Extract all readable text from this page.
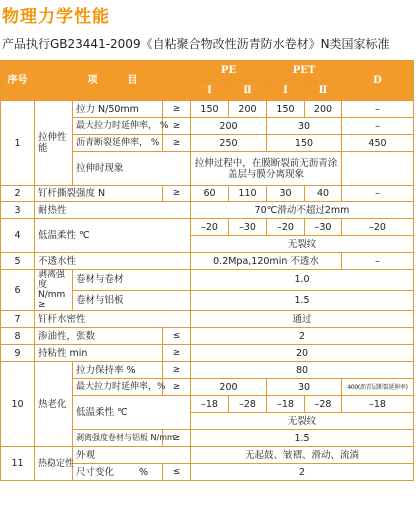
物理力学性能
产品执行GB23441-2009《自粘聚合物改性沥青防水卷材》N类国家标准
序号	项　　　目			PE		PET		D
				Ⅰ	Ⅱ	Ⅰ	Ⅱ	
1	拉伸性能	拉力 N/50mm	≥	150	200	150	200	–
		最大拉力时延伸率， %	≥	200		30		–
		沥青断裂延伸率， %	≥	250		150		450
		拉伸时现象		拉伸过程中，在膜断裂前无沥青涂盖层与膜分离现象				
2	钉杆撕裂强度 N		≥	60	110	30	40	–
3	耐热性			70℃滑动不超过2mm				
4	低温柔性 ℃			–20	–30	–20	–30	–20
				无裂纹				
5	不透水性			0.2Mpa,120min 不透水				–
6	剥离强度 N/mm ≥	卷材与卷材		1.0				
		卷材与铝板		1.5				
7	钉杆水密性			通过				
8	渗油性，张数		≤	2				
9	持粘性 min		≥	20				
10	热老化	拉力保持率 %	≥	80				
		最大拉力时延伸率，%	≥	200		30		400(沥青层断裂延伸率)
		低温柔性 ℃		–18	–28	–18	–28	–18
				无裂纹				
		剥离强度卷材与铝板 N/mm	≥	1.5				
11	热稳定性	外观		无起鼓、皱褶、滑动、流淌				
		尺寸变化 %	≤	2				
